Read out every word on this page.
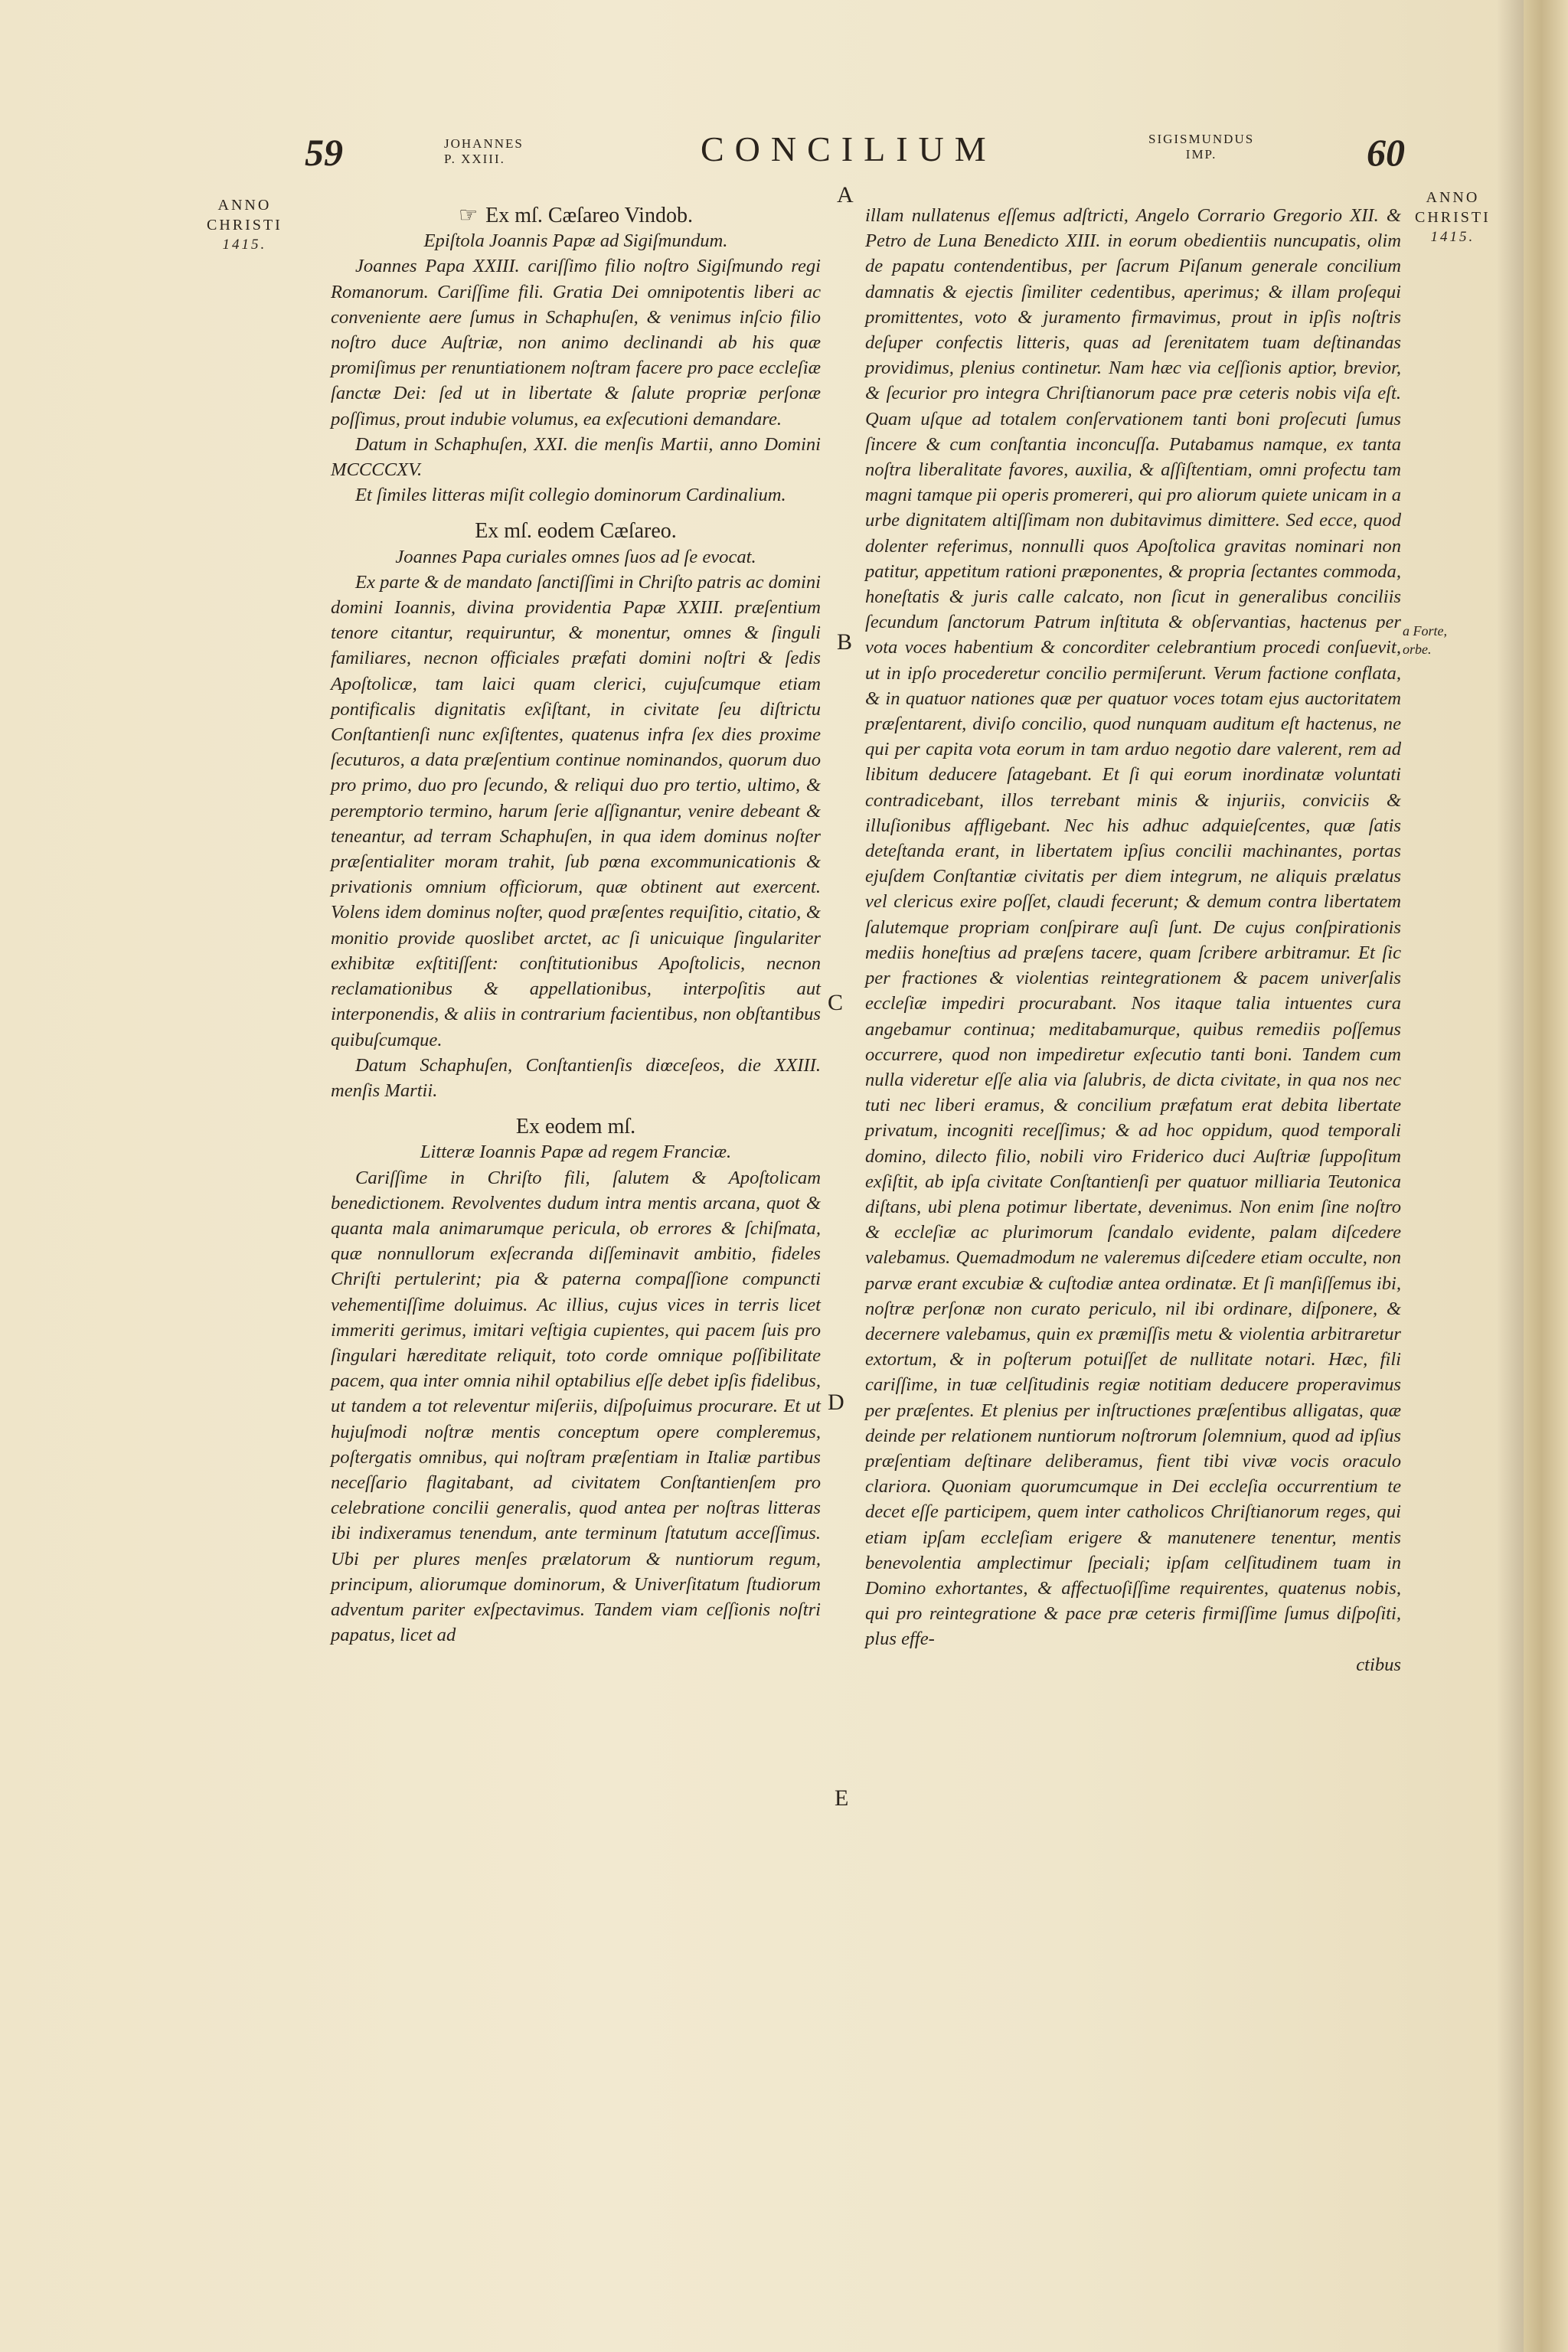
59	JOHANNES
P. XXIII.	CONCILIUM	SIGISMUNDUS
IMP.	60
ANNO
CHRISTI
1415.
ANNO
CHRISTI
1415.
A
B
C
D
E
a Forte,
orbe.

☞ Ex mſ. Cæſareo Vindob.

Epiſtola Joannis Papæ ad Sigiſmundum.

Joannes Papa XXIII. cariſſimo filio noſtro Sigiſmundo regi Romanorum. Cariſſime fili. Gratia Dei omnipotentis liberi ac conveniente aere ſumus in Schaphuſen, & venimus inſcio filio noſtro duce Auſtriæ, non animo declinandi ab his quæ promiſimus per renuntiationem noſtram facere pro pace eccleſiæ ſanctæ Dei: ſed ut in libertate & ſalute propriæ perſonæ poſſimus, prout indubie volumus, ea exſecutioni demandare.

Datum in Schaphuſen, XXI. die menſis Martii, anno Domini MCCCCXV.

Et ſimiles litteras miſit collegio dominorum Cardinalium.

Ex mſ. eodem Cæſareo.

Joannes Papa curiales omnes ſuos ad ſe evocat.

Ex parte & de mandato ſanctiſſimi in Chriſto patris ac domini domini Ioannis, divina providentia Papæ XXIII. præſentium tenore citantur, requiruntur, & monentur, omnes & ſinguli familiares, necnon officiales præfati domini noſtri & ſedis Apoſtolicæ, tam laici quam clerici, cujuſcumque etiam pontificalis dignitatis exſiſtant, in civitate ſeu diſtrictu Conſtantienſi nunc exſiſtentes, quatenus infra ſex dies proxime ſecuturos, a data præſentium continue nominandos, quorum duo pro primo, duo pro ſecundo, & reliqui duo pro tertio, ultimo, & peremptorio termino, harum ſerie aſſignantur, venire debeant & teneantur, ad terram Schaphuſen, in qua idem dominus noſter præſentialiter moram trahit, ſub pœna excommunicationis & privationis omnium officiorum, quæ obtinent aut exercent. Volens idem dominus noſter, quod præſentes requiſitio, citatio, & monitio provide quoslibet arctet, ac ſi unicuique ſingulariter exhibitæ exſtitiſſent: conſtitutionibus Apoſtolicis, necnon reclamationibus & appellationibus, interpoſitis aut interponendis, & aliis in contrarium facientibus, non obſtantibus quibuſcumque.

Datum Schaphuſen, Conſtantienſis diœceſeos, die XXIII. menſis Martii.

Ex eodem mſ.

Litteræ Ioannis Papæ ad regem Franciæ.

Cariſſime in Chriſto fili, ſalutem & Apoſtolicam benedictionem. Revolventes dudum intra mentis arcana, quot & quanta mala animarumque pericula, ob errores & ſchiſmata, quæ nonnullorum exſecranda diſſeminavit ambitio, fideles Chriſti pertulerint; pia & paterna compaſſione compuncti vehementiſſime doluimus. Ac illius, cujus vices in terris licet immeriti gerimus, imitari veſtigia cupientes, qui pacem ſuis pro ſingulari hæreditate reliquit, toto corde omnique poſſibilitate pacem, qua inter omnia nihil optabilius eſſe debet ipſis fidelibus, ut tandem a tot releventur miſeriis, diſpoſuimus procurare. Et ut hujuſmodi noſtræ mentis conceptum opere compleremus, poſtergatis omnibus, qui noſtram præſentiam in Italiæ partibus neceſſario flagitabant, ad civitatem Conſtantienſem pro celebratione concilii generalis, quod antea per noſtras litteras ibi indixeramus tenendum, ante terminum ſtatutum acceſſimus. Ubi per plures menſes prælatorum & nuntiorum regum, principum, aliorumque dominorum, & Univerſitatum ſtudiorum adventum pariter exſpectavimus. Tandem viam ceſſionis noſtri papatus, licet ad

illam nullatenus eſſemus adſtricti, Angelo Corrario Gregorio XII. & Petro de Luna Benedicto XIII. in eorum obedientiis nuncupatis, olim de papatu contendentibus, per ſacrum Piſanum generale concilium damnatis & ejectis ſimiliter cedentibus, aperimus; & illam proſequi promittentes, voto & juramento firmavimus, prout in ipſis noſtris deſuper confectis litteris, quas ad ſerenitatem tuam deſtinandas providimus, plenius continetur. Nam hæc via ceſſionis aptior, brevior, & ſecurior pro integra Chriſtianorum pace præ ceteris nobis viſa eſt. Quam uſque ad totalem conſervationem tanti boni proſecuti ſumus ſincere & cum conſtantia inconcuſſa. Putabamus namque, ex tanta noſtra liberalitate favores, auxilia, & aſſiſtentiam, omni profectu tam magni tamque pii operis promereri, qui pro aliorum quiete unicam in a urbe dignitatem altiſſimam non dubitavimus dimittere. Sed ecce, quod dolenter referimus, nonnulli quos Apoſtolica gravitas nominari non patitur, appetitum rationi præponentes, & propria ſectantes commoda, honeſtatis & juris calle calcato, non ſicut in generalibus conciliis ſecundum ſanctorum Patrum inſtituta & obſervantias, hactenus per vota voces habentium & concorditer celebrantium procedi conſuevit, ut in ipſo procederetur concilio permiſerunt. Verum factione conflata, & in quatuor nationes quæ per quatuor voces totam ejus auctoritatem præſentarent, diviſo concilio, quod nunquam auditum eſt hactenus, ne qui per capita vota eorum in tam arduo negotio dare valerent, rem ad libitum deducere ſatagebant. Et ſi qui eorum inordinatæ voluntati contradicebant, illos terrebant minis & injuriis, conviciis & illuſionibus affligebant. Nec his adhuc adquieſcentes, quæ ſatis deteſtanda erant, in libertatem ipſius concilii machinantes, portas ejuſdem Conſtantiæ civitatis per diem integrum, ne aliquis prælatus vel clericus exire poſſet, claudi fecerunt; & demum contra libertatem ſalutemque propriam conſpirare auſi ſunt. De cujus conſpirationis mediis honeſtius ad præſens tacere, quam ſcribere arbitramur. Et ſic per fractiones & violentias reintegrationem & pacem univerſalis eccleſiæ impediri procurabant. Nos itaque talia intuentes cura angebamur continua; meditabamurque, quibus remediis poſſemus occurrere, quod non impediretur exſecutio tanti boni. Tandem cum nulla videretur eſſe alia via ſalubris, de dicta civitate, in qua nos nec tuti nec liberi eramus, & concilium præfatum erat debita libertate privatum, incogniti receſſimus; & ad hoc oppidum, quod temporali domino, dilecto filio, nobili viro Friderico duci Auſtriæ ſuppoſitum exſiſtit, ab ipſa civitate Conſtantienſi per quatuor milliaria Teutonica diſtans, ubi plena potimur libertate, devenimus. Non enim ſine noſtro & eccleſiæ ac plurimorum ſcandalo evidente, palam diſcedere valebamus. Quemadmodum ne valeremus diſcedere etiam occulte, non parvæ erant excubiæ & cuſtodiæ antea ordinatæ. Et ſi manſiſſemus ibi, noſtræ perſonæ non curato periculo, nil ibi ordinare, diſponere, & decernere valebamus, quin ex præmiſſis metu & violentia arbitraretur extortum, & in poſterum potuiſſet de nullitate notari. Hæc, fili cariſſime, in tuæ celſitudinis regiæ notitiam deducere properavimus per præſentes. Et plenius per inſtructiones præſentibus alligatas, quæ deinde per relationem nuntiorum noſtrorum ſolemnium, quod ad ipſius præſentiam deſtinare deliberamus, fient tibi vivæ vocis oraculo clariora. Quoniam quorumcumque in Dei eccleſia occurrentium te decet eſſe participem, quem inter catholicos Chriſtianorum reges, qui etiam ipſam eccleſiam erigere & manutenere tenentur, mentis benevolentia amplectimur ſpeciali; ipſam celſitudinem tuam in Domino exhortantes, & affectuoſiſſime requirentes, quatenus nobis, qui pro reintegratione & pace præ ceteris firmiſſime ſumus diſpoſiti, plus effe-

ctibus
